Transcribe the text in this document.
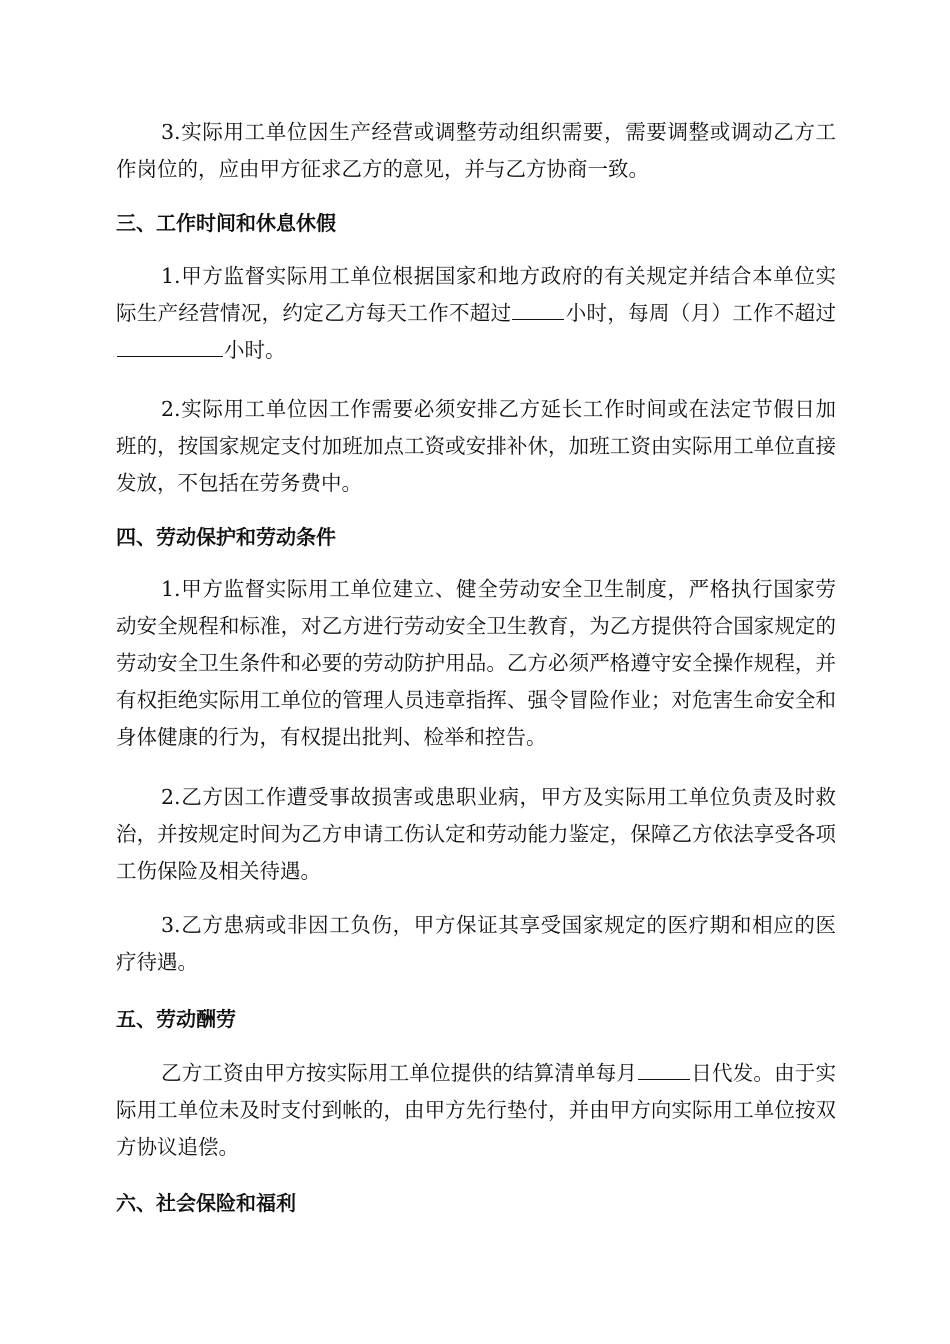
3.实际用工单位因生产经营或调整劳动组织需要，需要调整或调动乙方工作岗位的，应由甲方征求乙方的意见，并与乙方协商一致。

三、工作时间和休息休假

1.甲方监督实际用工单位根据国家和地方政府的有关规定并结合本单位实际生产经营情况，约定乙方每天工作不超过	小时，每周（月）工作不超过小时。

2.实际用工单位因工作需要必须安排乙方延长工作时间或在法定节假日加班的，按国家规定支付加班加点工资或安排补休，加班工资由实际用工单位直接发放，不包括在劳务费中。

四、劳动保护和劳动条件

1.甲方监督实际用工单位建立、健全劳动安全卫生制度，严格执行国家劳动安全规程和标准，对乙方进行劳动安全卫生教育，为乙方提供符合国家规定的劳动安全卫生条件和必要的劳动防护用品。乙方必须严格遵守安全操作规程，并有权拒绝实际用工单位的管理人员违章指挥、强令冒险作业；对危害生命安全和身体健康的行为，有权提出批判、检举和控告。

2.乙方因工作遭受事故损害或患职业病，甲方及实际用工单位负责及时救治，并按规定时间为乙方申请工伤认定和劳动能力鉴定，保障乙方依法享受各项工伤保险及相关待遇。

3.乙方患病或非因工负伤，甲方保证其享受国家规定的医疗期和相应的医疗待遇。

五、劳动酬劳

乙方工资由甲方按实际用工单位提供的结算清单每月	日代发。由于实际用工单位未及时支付到帐的，由甲方先行垫付，并由甲方向实际用工单位按双方协议追偿。

六、社会保险和福利
